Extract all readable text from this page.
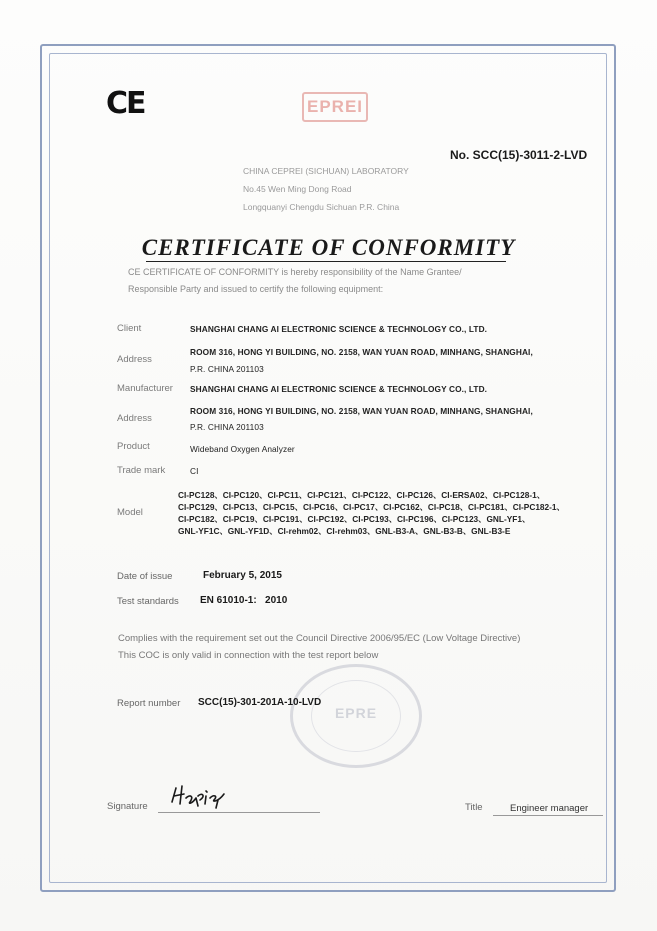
CE	EPREI
No. SCC(15)-3011-2-LVD
CHINA CEPREI (SICHUAN) LABORATORY
No.45 Wen Ming Dong Road
Longquanyi Chengdu Sichuan P.R. China
CERTIFICATE OF CONFORMITY
CE CERTIFICATE OF CONFORMITY is hereby responsibility of the Name Grantee/
Responsible Party and issued to certify the following equipment:
Client	SHANGHAI CHANG AI ELECTRONIC SCIENCE & TECHNOLOGY CO., LTD.
Address
ROOM 316, HONG YI BUILDING, NO. 2158, WAN YUAN ROAD, MINHANG, SHANGHAI,
P.R. CHINA 201103
Manufacturer SHANGHAI CHANG AI ELECTRONIC SCIENCE & TECHNOLOGY CO., LTD.
Address
ROOM 316, HONG YI BUILDING, NO. 2158, WAN YUAN ROAD, MINHANG, SHANGHAI,
P.R. CHINA 201103
Product	Wideband Oxygen Analyzer
Trade mark	CI
Model
CI-PC128、CI-PC120、CI-PC11、CI-PC121、CI-PC122、CI-PC126、CI-ERSA02、CI-PC128-1、
CI-PC129、CI-PC13、CI-PC15、CI-PC16、CI-PC17、CI-PC162、CI-PC18、CI-PC181、CI-PC182-1、
CI-PC182、CI-PC19、CI-PC191、CI-PC192、CI-PC193、CI-PC196、CI-PC123、GNL-YF1、
GNL-YF1C、GNL-YF1D、CI-rehm02、CI-rehm03、GNL-B3-A、GNL-B3-B、GNL-B3-E
Date of issue	February 5, 2015
Test standards EN 61010-1:   2010
Complies with the requirement set out the Council Directive 2006/95/EC (Low Voltage Directive)
This COC is only valid in connection with the test report below
EPRE
Report number SCC(15)-301-201A-10-LVD
Signature	Title	Engineer manager
